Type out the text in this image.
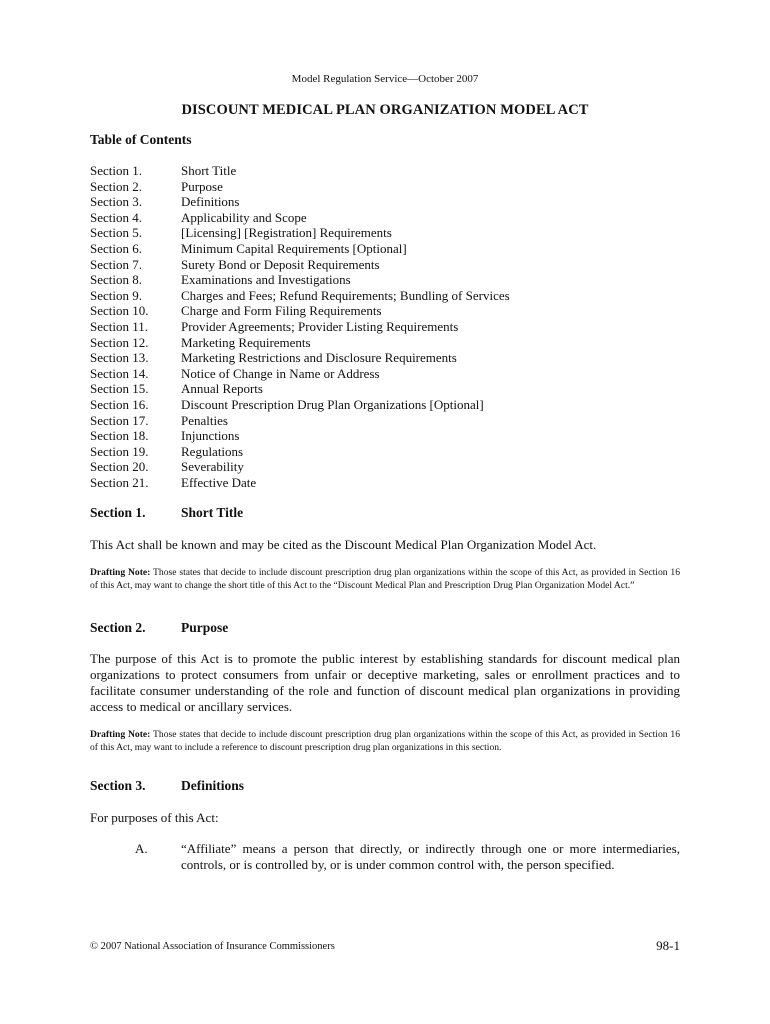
Model Regulation Service—October 2007
DISCOUNT MEDICAL PLAN ORGANIZATION MODEL ACT
Table of Contents
Section 1.	Short Title
Section 2.	Purpose
Section 3.	Definitions
Section 4.	Applicability and Scope
Section 5.	[Licensing] [Registration] Requirements
Section 6.	Minimum Capital Requirements [Optional]
Section 7.	Surety Bond or Deposit Requirements
Section 8.	Examinations and Investigations
Section 9.	Charges and Fees; Refund Requirements; Bundling of Services
Section 10.	Charge and Form Filing Requirements
Section 11.	Provider Agreements; Provider Listing Requirements
Section 12.	Marketing Requirements
Section 13.	Marketing Restrictions and Disclosure Requirements
Section 14.	Notice of Change in Name or Address
Section 15.	Annual Reports
Section 16.	Discount Prescription Drug Plan Organizations [Optional]
Section 17.	Penalties
Section 18.	Injunctions
Section 19.	Regulations
Section 20.	Severability
Section 21.	Effective Date
Section 1.	Short Title
This Act shall be known and may be cited as the Discount Medical Plan Organization Model Act.
Drafting Note: Those states that decide to include discount prescription drug plan organizations within the scope of this Act, as provided in Section 16 of this Act, may want to change the short title of this Act to the “Discount Medical Plan and Prescription Drug Plan Organization Model Act.”
Section 2.	Purpose
The purpose of this Act is to promote the public interest by establishing standards for discount medical plan organizations to protect consumers from unfair or deceptive marketing, sales or enrollment practices and to facilitate consumer understanding of the role and function of discount medical plan organizations in providing access to medical or ancillary services.
Drafting Note: Those states that decide to include discount prescription drug plan organizations within the scope of this Act, as provided in Section 16 of this Act, may want to include a reference to discount prescription drug plan organizations in this section.
Section 3.	Definitions
For purposes of this Act:
A.	“Affiliate” means a person that directly, or indirectly through one or more intermediaries, controls, or is controlled by, or is under common control with, the person specified.
© 2007 National Association of Insurance Commissioners	98-1
